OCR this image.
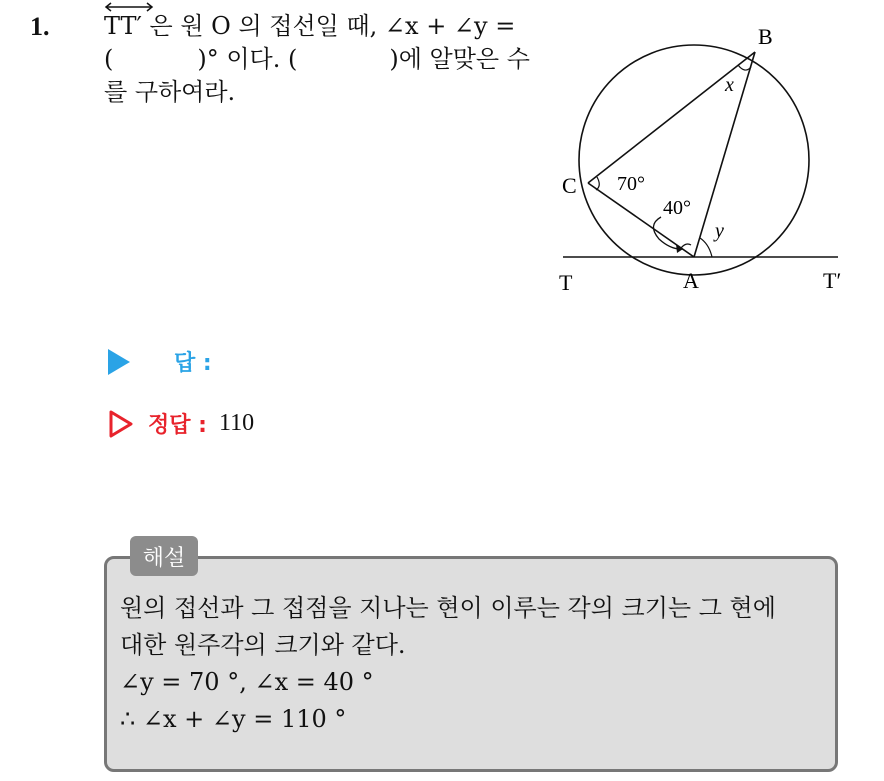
1. TT′ 은 원 O 의 접선일 때, ∠x + ∠y =
(	)° 이다. (	)에 알맞은 수
를 구하여라.
B
C
A
T	T′
x
y
70°
40°
답 :
정답 : 110
해설
원의 접선과 그 접점을 지나는 현이 이루는 각의 크기는 그 현에
대한 원주각의 크기와 같다.
∠y = 70 °, ∠x = 40 °
∴ ∠x + ∠y = 110 °
